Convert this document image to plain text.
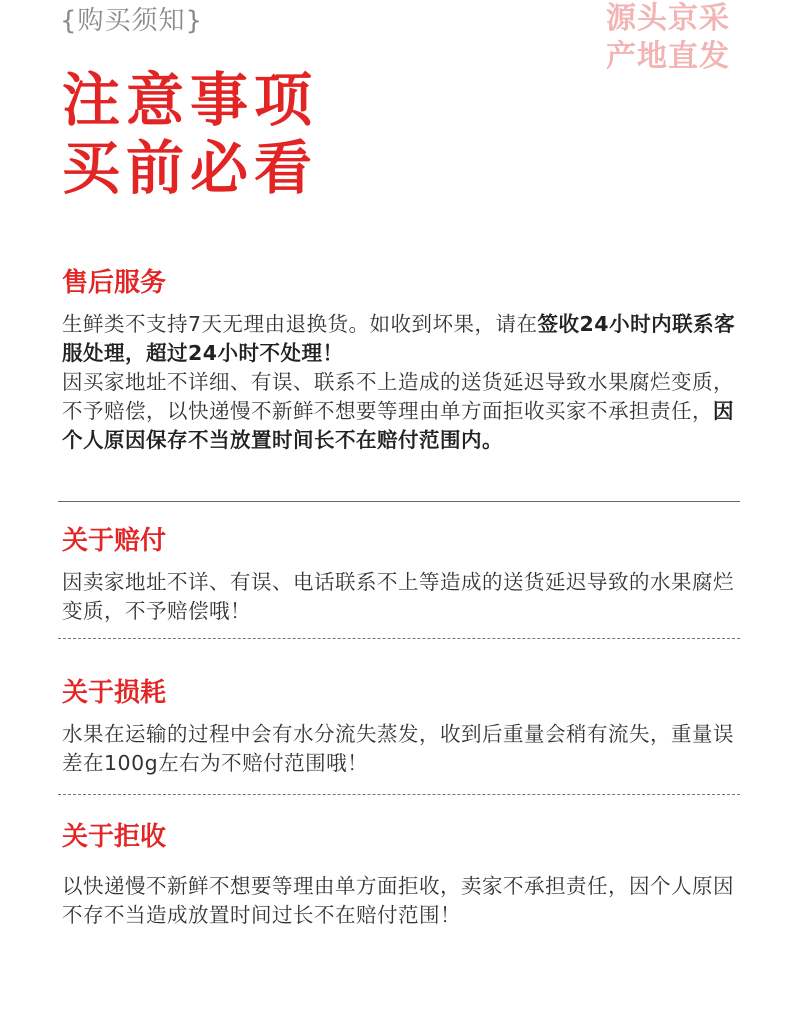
{购买须知}	源头京采
产地直发
注意事项
买前必看
售后服务

生鲜类不支持7天无理由退换货。如收到坏果，请在签收24小时内联系客服处理，超过24小时不处理！
因买家地址不详细、有误、联系不上造成的送货延迟导致水果腐烂变质，不予赔偿，以快递慢不新鲜不想要等理由单方面拒收买家不承担责任，因个人原因保存不当放置时间长不在赔付范围内。

关于赔付

因卖家地址不详、有误、电话联系不上等造成的送货延迟导致的水果腐烂变质，不予赔偿哦！

关于损耗

水果在运输的过程中会有水分流失蒸发，收到后重量会稍有流失，重量误差在100g左右为不赔付范围哦！

关于拒收

以快递慢不新鲜不想要等理由单方面拒收，卖家不承担责任，因个人原因不存不当造成放置时间过长不在赔付范围！
